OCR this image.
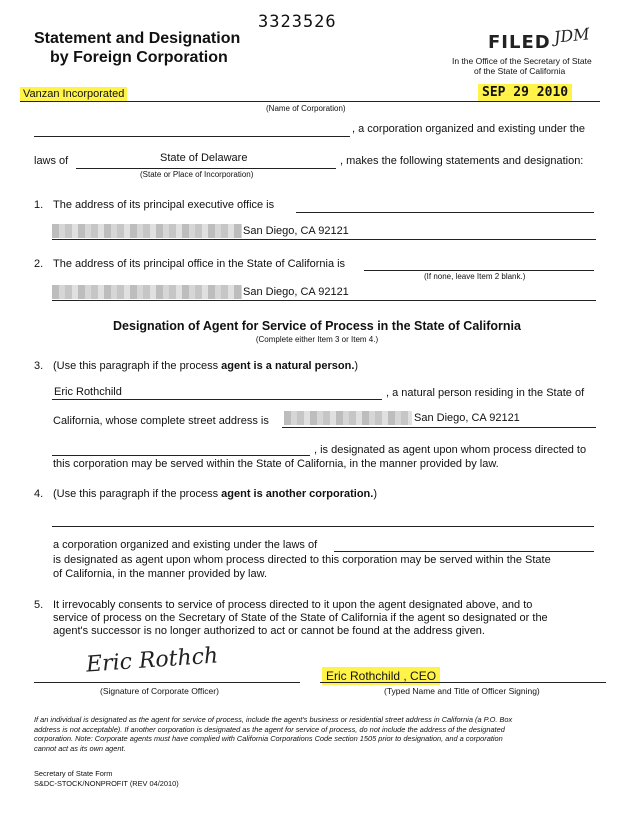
3323526
Statement and Designation
by Foreign Corporation
FILED JDM
In the Office of the Secretary of State
of the State of California
Vanzan Incorporated	SEP 29 2010
(Name of Corporation)
, a corporation organized and existing under the
laws of	State of Delaware	, makes the following statements and designation:
(State or Place of Incorporation)
1. The address of its principal executive office is
San Diego, CA 92121
2. The address of its principal office in the State of California is
(If none, leave Item 2 blank.)
San Diego, CA 92121
Designation of Agent for Service of Process in the State of California
(Complete either Item 3 or Item 4.)
3. (Use this paragraph if the process agent is a natural person.)
Eric Rothchild	, a natural person residing in the State of
California, whose complete street address is	San Diego, CA 92121
, is designated as agent upon whom process directed to
this corporation may be served within the State of California, in the manner provided by law.
4. (Use this paragraph if the process agent is another corporation.)
a corporation organized and existing under the laws of
is designated as agent upon whom process directed to this corporation may be served within the State
of California, in the manner provided by law.
5. It irrevocably consents to service of process directed to it upon the agent designated above, and to
service of process on the Secretary of State of the State of California if the agent so designated or the
agent's successor is no longer authorized to act or cannot be found at the address given.
Eric Rothch
(Signature of Corporate Officer)
Eric Rothchild , CEO
(Typed Name and Title of Officer Signing)
If an individual is designated as the agent for service of process, include the agent's business or residential street address in California (a P.O. Box
address is not acceptable). If another corporation is designated as the agent for service of process, do not include the address of the designated
corporation. Note: Corporate agents must have complied with California Corporations Code section 1505 prior to designation, and a corporation
cannot act as its own agent.
Secretary of State Form
S&DC-STOCK/NONPROFIT (REV 04/2010)
